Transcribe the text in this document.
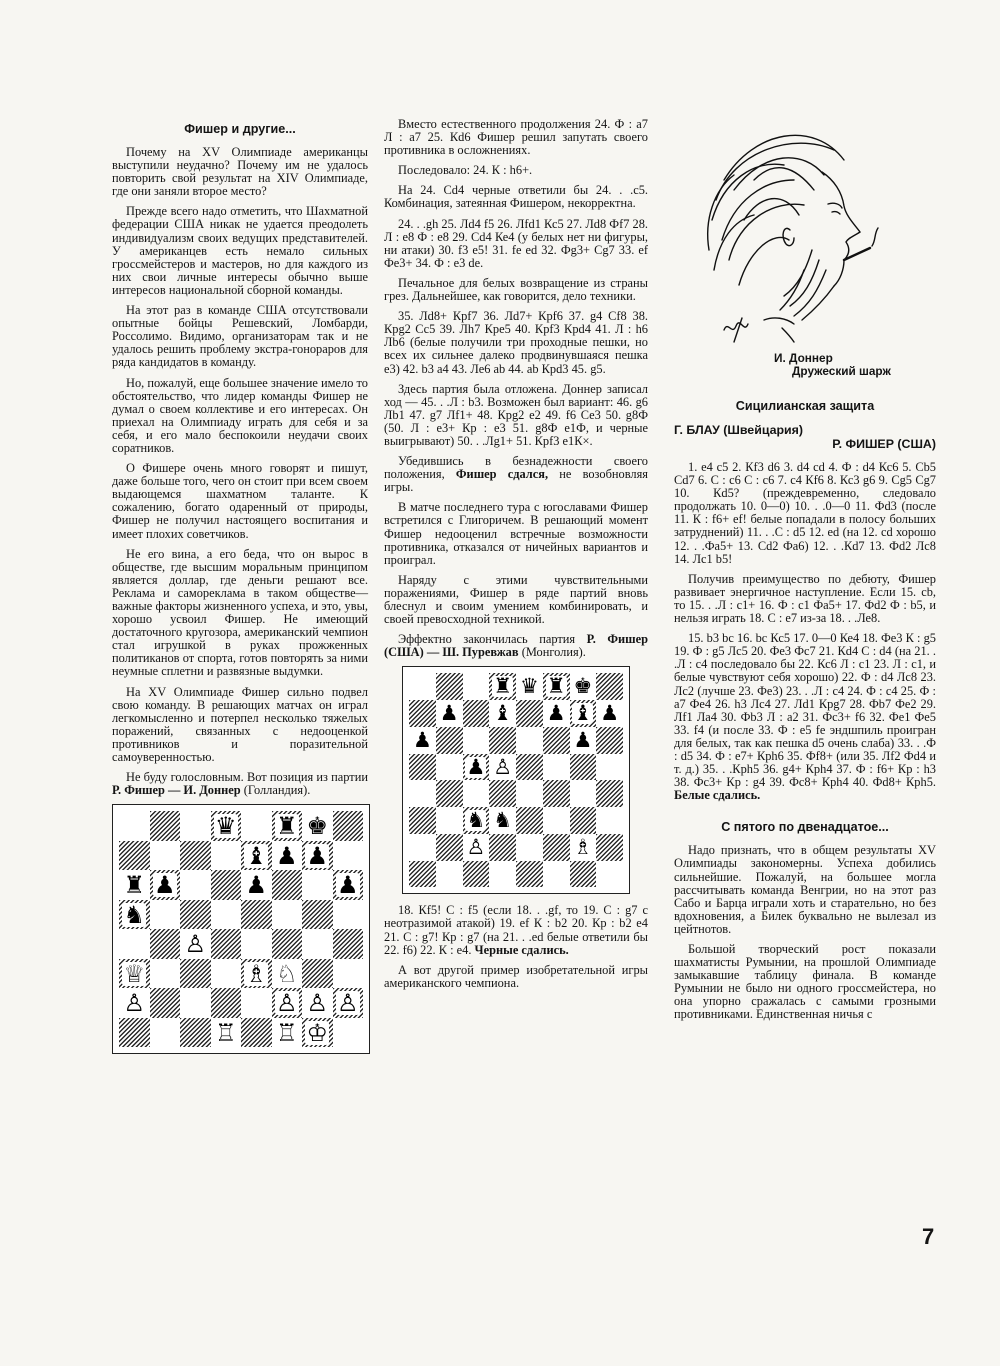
Фишер и другие...

Почему на XV Олимпиаде американцы выступили неудачно? Почему им не удалось повторить свой результат на XIV Олимпиаде, где они заняли второе место?

Прежде всего надо отметить, что Шахматной федерации США никак не удается преодолеть индивидуализм своих ведущих представителей. У американцев есть немало сильных гроссмейстеров и мастеров, но для каждого из них свои личные интересы обычно выше интересов национальной сборной команды.

На этот раз в команде США отсутствовали опытные бойцы Решевский, Ломбарди, Россолимо. Видимо, организаторам так и не удалось решить проблему экстра-гонораров для ряда кандидатов в команду.

Но, пожалуй, еще большее значение имело то обстоятельство, что лидер команды Фишер не думал о своем коллективе и его интересах. Он приехал на Олимпиаду играть для себя и за себя, и его мало беспокоили неудачи своих соратников.

О Фишере очень много говорят и пишут, даже больше того, чего он стоит при всем своем выдающемся шахматном таланте. К сожалению, богато одаренный от природы, Фишер не получил настоящего воспитания и имеет плохих советчиков.

Не его вина, а его беда, что он вырос в обществе, где высшим моральным принципом является доллар, где деньги решают все. Реклама и самореклама в таком обществе—важные факторы жизненного успеха, и это, увы, хорошо усвоил Фишер. Не имеющий достаточного кругозора, американский чемпион стал игрушкой в руках прожженных политиканов от спорта, готов повторять за ними неумные сплетни и развязные выдумки.

На XV Олимпиаде Фишер сильно подвел свою команду. В решающих матчах он играл легкомысленно и потерпел несколько тяжелых поражений, связанных с недооценкой противников и поразительной самоуверенностью.

Не буду голословным. Вот позиция из партии Р. Фишер — И. Доннер (Голландия).

♛ ♜ ♚
♝ ♟ ♟
♜ ♟	♟	♟
♞
♙
♕	♗ ♘
♙	♙ ♙ ♙
♖ ♖ ♔

Вместо естественного продолжения 24. Ф : а7 Л : а7 25. Кd6 Фишер решил запутать своего противника в осложнениях.

Последовало: 24. К : h6+.

На 24. Cd4 черные ответили бы 24. . .c5. Комбинация, затеянная Фишером, некорректна.

24. . .gh 25. Лd4 f5 26. Лfd1 Кс5 27. Лd8 Фf7 28. Л : е8 Ф : е8 29. Cd4 Ке4 (у белых нет ни фигуры, ни атаки) 30. f3 е5! 31. fe ed 32. Фg3+ Cg7 33. ef Фе3+ 34. Ф : е3 de.

Печальное для белых возвращение из страны грез. Дальнейшее, как говорится, дело техники.

35. Лd8+ Крf7 36. Лd7+ Крf6 37. g4 Cf8 38. Крg2 Сс5 39. Лh7 Кре5 40. Крf3 Крd4 41. Л : h6 Лb6 (белые получили три проходные пешки, но всех их сильнее далеко продвинувшаяся пешка е3) 42. b3 а4 43. Ле6 аb 44. аb Крd3 45. g5.

Здесь партия была отложена. Доннер записал ход — 45. . .Л : b3. Возможен был вариант: 46. g6 Лb1 47. g7 Лf1+ 48. Крg2 е2 49. f6 Се3 50. g8Ф (50. Л : е3+ Кр : е3 51. g8Ф е1Ф, и черные выигрывают) 50. . .Лg1+ 51. Крf3 е1К×.

Убедившись в безнадежности своего положения, Фишер сдался, не возобновляя игры.

В матче последнего тура с югославами Фишер встретился с Глигоричем. В решающий момент Фишер недооценил встречные возможности противника, отказался от ничейных вариантов и проиграл.

Наряду с этими чувствительными поражениями, Фишер в ряде партий вновь блеснул и своим умением комбинировать, и своей превосходной техникой.

Эффектно закончилась партия Р. Фишер (США) — Ш. Пуревжав (Монголия).

♜ ♛ ♜ ♚
♟ ♝ ♟ ♝ ♟
♟	♟
♟ ♙
♞ ♞
♙	♗

18. Кf5! С : f5 (если 18. . .gf, то 19. С : g7 с неотразимой атакой) 19. ef К : b2 20. Кр : b2 е4 21. С : g7! Кр : g7 (на 21. . .ed белые ответили бы 22. f6) 22. К : е4. Черные сдались.

А вот другой пример изобретательной игры американского чемпиона.

И. Доннер
Дружеский шарж
Сицилианская защита
Г. БЛАУ (Швейцария)
Р. ФИШЕР (США)

1. е4 с5 2. Кf3 d6 3. d4 cd 4. Ф : d4 Кс6 5. Cb5 Cd7 6. С : с6 С : с6 7. с4 Кf6 8. Кс3 g6 9. Cg5 Cg7 10. Кd5? (преждевременно, следовало продолжать 10. 0—0) 10. . .0—0 11. Фd3 (после 11. К : f6+ ef! белые попадали в полосу больших затруднений) 11. . .С : d5 12. ed (на 12. cd хорошо 12. . .Фа5+ 13. Cd2 Фа6) 12. . .Кd7 13. Фd2 Лс8 14. Лс1 b5!

Получив преимущество по дебюту, Фишер развивает энергичное наступление. Если 15. cb, то 15. . .Л : с1+ 16. Ф : с1 Фа5+ 17. Фd2 Ф : b5, и нельзя играть 18. С : е7 из-за 18. . .Ле8.

15. b3 bc 16. bc Кс5 17. 0—0 Ке4 18. Фе3 К : g5 19. Ф : g5 Лс5 20. Фе3 Фс7 21. Кd4 С : d4 (на 21. . .Л : с4 последовало бы 22. Кс6 Л : с1 23. Л : с1, и белые чувствуют себя хорошо) 22. Ф : d4 Лс8 23. Лс2 (лучше 23. Фе3) 23. . .Л : с4 24. Ф : с4 25. Ф : а7 Фе4 26. h3 Лс4 27. Лd1 Крg7 28. Фb7 Фе2 29. Лf1 Ла4 30. Фb3 Л : а2 31. Фс3+ f6 32. Фе1 Фе5 33. f4 (и после 33. Ф : е5 fe эндшпиль проигран для белых, так как пешка d5 очень слаба) 33. . .Ф : d5 34. Ф : е7+ Крh6 35. Фf8+ (или 35. Лf2 Фd4 и т. д.) 35. . .Крh5 36. g4+ Крh4 37. Ф : f6+ Кр : h3 38. Фс3+ Кр : g4 39. Фс8+ Крh4 40. Фd8+ Крh5. Белые сдались.

С пятого по двенадцатое...

Надо признать, что в общем результаты XV Олимпиады закономерны. Успеха добились сильнейшие. Пожалуй, на большее могла рассчитывать команда Венгрии, но на этот раз Сабо и Барца играли хоть и старательно, но без вдохновения, а Билек буквально не вылезал из цейтнотов.

Большой творческий рост показали шахматисты Румынии, на прошлой Олимпиаде замыкавшие таблицу финала. В команде Румынии не было ни одного гроссмейстера, но она упорно сражалась с самыми грозными противниками. Единственная ничья с

7
